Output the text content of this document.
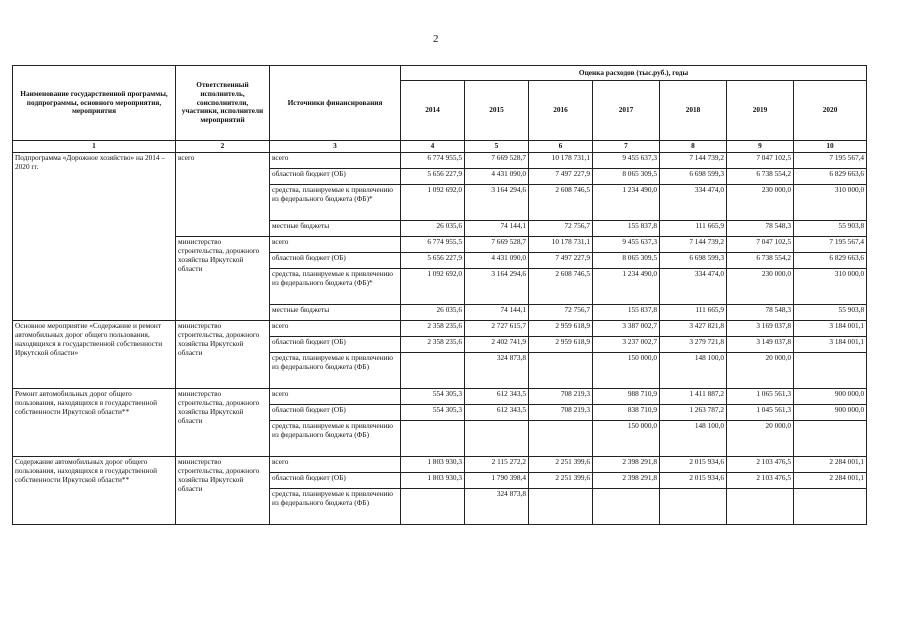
2
Наименование государственной программы, подпрограммы, основного мероприятия, мероприятия	Ответственный исполнитель, соисполнители, участники, исполнители мероприятий	Источники финансирования	Оценка расходов (тыс.руб.), годы						
			2014	2015	2016	2017	2018	2019	2020
1	2	3	4	5	6	7	8	9	10
Подпрограмма «Дорожное хозяйство» на 2014 – 2020 гг.	всего	всего	6 774 955,5	7 669 528,7	10 178 731,1	9 455 637,3	7 144 739,2	7 047 102,5	7 195 567,4
		областной бюджет (ОБ)	5 656 227,9	4 431 090,0	7 497 227,9	8 065 309,5	6 698 599,3	6 738 554,2	6 829 663,6
		средства, планируемые к привлечению из федерального бюджета (ФБ)*	1 092 692,0	3 164 294,6	2 608 746,5	1 234 490,0	334 474,0	230 000,0	310 000,0
		местные бюджеты	26 035,6	74 144,1	72 756,7	155 837,8	111 665,9	78 548,3	55 903,8
	министерство строительства, дорожного хозяйства Иркутской области	всего	6 774 955,5	7 669 528,7	10 178 731,1	9 455 637,3	7 144 739,2	7 047 102,5	7 195 567,4
		областной бюджет (ОБ)	5 656 227,9	4 431 090,0	7 497 227,9	8 065 309,5	6 698 599,3	6 738 554,2	6 829 663,6
		средства, планируемые к привлечению из федерального бюджета (ФБ)*	1 092 692,0	3 164 294,6	2 608 746,5	1 234 490,0	334 474,0	230 000,0	310 000,0
		местные бюджеты	26 035,6	74 144,1	72 756,7	155 837,8	111 665,9	78 548,3	55 903,8
Основное мероприятие «Содержание и ремонт автомобильных дорог общего пользования, находящихся в государственной собственности Иркутской области»	министерство строительства, дорожного хозяйства Иркутской области	всего	2 358 235,6	2 727 615,7	2 959 618,9	3 387 002,7	3 427 821,8	3 169 037,8	3 184 001,1
		областной бюджет (ОБ)	2 358 235,6	2 402 741,9	2 959 618,9	3 237 002,7	3 279 721,8	3 149 037,8	3 184 001,1
		средства, планируемые к привлечению из федерального бюджета (ФБ)		324 873,8		150 000,0	148 100,0	20 000,0	
Ремонт автомобильных дорог общего пользования, находящихся в государственной собственности Иркутской области**	министерство строительства, дорожного хозяйства Иркутской области	всего	554 305,3	612 343,5	708 219,3	988 710,9	1 411 887,2	1 065 561,3	900 000,0
		областной бюджет (ОБ)	554 305,3	612 343,5	708 219,3	838 710,9	1 263 787,2	1 045 561,3	900 000,0
		средства, планируемые к привлечению из федерального бюджета (ФБ)				150 000,0	148 100,0	20 000,0	
Содержание автомобильных дорог общего пользования, находящихся в государственной собственности Иркутской области**	министерство строительства, дорожного хозяйства Иркутской области	всего	1 803 930,3	2 115 272,2	2 251 399,6	2 398 291,8	2 015 934,6	2 103 476,5	2 284 001,1
		областной бюджет (ОБ)	1 803 930,3	1 790 398,4	2 251 399,6	2 398 291,8	2 015 934,6	2 103 476,5	2 284 001,1
		средства, планируемые к привлечению из федерального бюджета (ФБ)		324 873,8					
